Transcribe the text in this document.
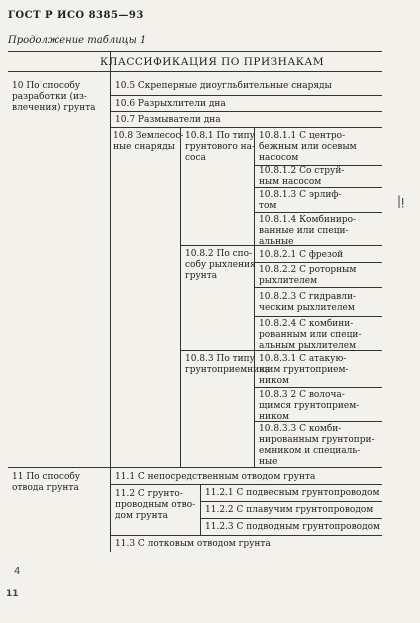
ГОСТ Р ИСО 8385—93
Продолжение таблицы 1
11
КЛАССИФИКАЦИЯ ПО ПРИЗНАКАМ
10 По способу
разработки (из-
влечения) грунта
10.5 Скреперные диоугльбительные снаряды
10.6 Разрыхлители дна
10.7 Размыватели дна
10.8 Землесос-
ные снаряды
10.8.1 По типу
грунтового на-
coca
10.8.1.1 С центро-
бежным или осевым
насосом
10.8.1.2 Со струй-
ным насосом
10.8.1.3 С эрлиф-
том
10.8.1.4 Комбиниро-
ванные или специ-
альные
10.8.2 По спо-
собу рыхления
грунта
10.8.2.1 С фрезой
10.8.2.2 С роторным
рыхлителем
10.8.2.3 С гидравли-
ческим рыхлителем
10.8.2.4 С комбини-
рованным или специ-
альным рыхлителем
10.8.3 По типу
грунтоприемника
10.8.3.1 С атакую-
щим грунтоприем-
ником
10.8.3 2 С волоча-
щимся грунтоприем-
ником
10.8.3.3 С комби-
нированным грунтопри-
емником и специаль-
ные
11 По способу
отвода грунта
11.1 С непосредственным отводом грунта
11.2 С грунто-
проводным отво-
дом грунта
11.2.1 С подвесным грунтопроводом
11.2.2 С плавучим грунтопроводом
11.2.3 С подводным грунтопроводом
11.3 С лотковым отводом грунта
|ᴉ
4
